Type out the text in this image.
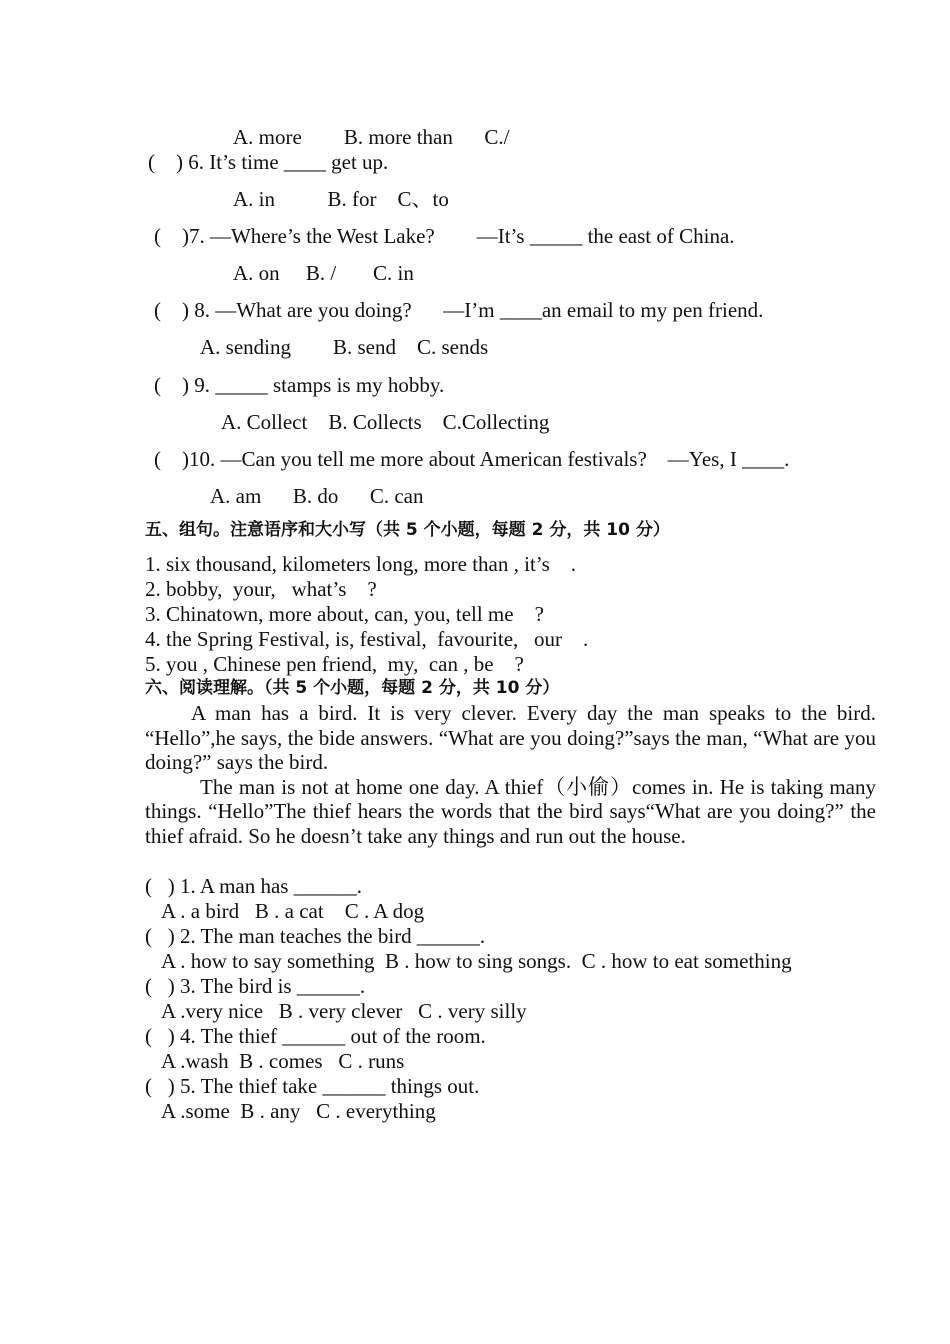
A. more        B. more than      C./
(    ) 6. It’s time ____ get up.
A. in          B. for    C、to
(    )7. —Where’s the West Lake?        —It’s _____ the east of China.
A. on     B. /       C. in
(    ) 8. —What are you doing?      —I’m ____an email to my pen friend.
A. sending        B. send    C. sends
(    ) 9. _____ stamps is my hobby.
A. Collect    B. Collects    C.Collecting
(    )10. —Can you tell me more about American festivals?    —Yes, I ____.
A. am      B. do      C. can
五、组句。注意语序和大小写（共 5 个小题，每题 2 分，共 10 分）
1. six thousand, kilometers long, more than , it’s    .
2. bobby,  your,   what’s    ?
3. Chinatown, more about, can, you, tell me    ?
4. the Spring Festival, is, festival,  favourite,   our    .
5. you , Chinese pen friend,  my,  can , be    ?
六、阅读理解。（共 5 个小题，每题 2 分，共 10 分）

A man has a bird. It is very clever. Every day the man speaks to the bird. “Hello”,he says, the bide answers. “What are you doing?”says the man, “What are you doing?” says the bird.

The man is not at home one day. A thief（小偷）comes in. He is taking many things. “Hello”The thief hears the words that the bird says“What are you doing?” the thief afraid. So he doesn’t take any things and run out the house.

(   ) 1. A man has ______.
A . a bird   B . a cat    C . A dog
(   ) 2. The man teaches the bird ______.
A . how to say something  B . how to sing songs.  C . how to eat something
(   ) 3. The bird is ______.
A .very nice   B . very clever   C . very silly
(   ) 4. The thief ______ out of the room.
A .wash  B . comes   C . runs
(   ) 5. The thief take ______ things out.
A .some  B . any   C . everything
